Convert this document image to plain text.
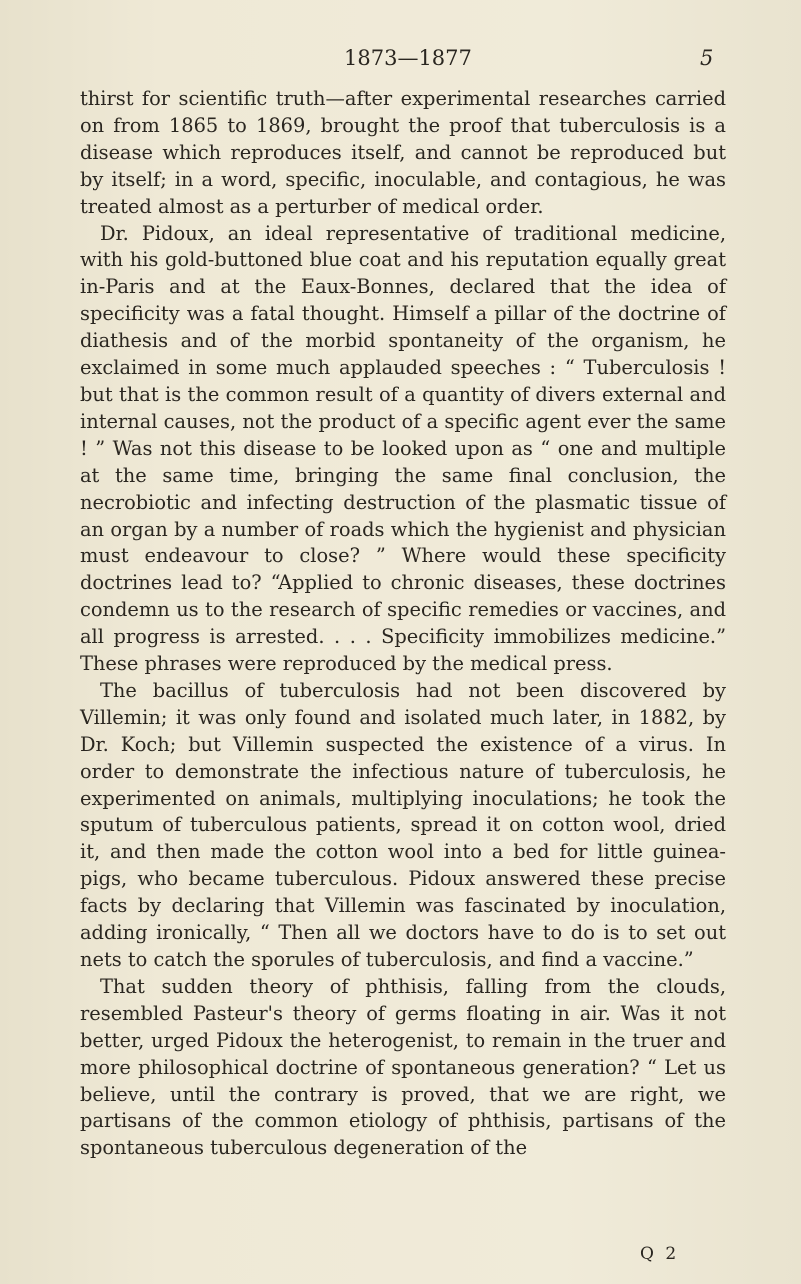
1873—1877	5

thirst for scientific truth—after experimental researches carried on from 1865 to 1869, brought the proof that tuberculosis is a disease which reproduces itself, and cannot be reproduced but by itself; in a word, specific, inoculable, and contagious, he was treated almost as a perturber of medical order.

Dr. Pidoux, an ideal representative of traditional medicine, with his gold-buttoned blue coat and his reputation equally great in-Paris and at the Eaux-Bonnes, declared that the idea of specificity was a fatal thought. Himself a pillar of the doctrine of diathesis and of the morbid spontaneity of the organism, he exclaimed in some much applauded speeches : “ Tuberculosis ! but that is the common result of a quantity of divers external and internal causes, not the product of a specific agent ever the same ! ” Was not this disease to be looked upon as “ one and multiple at the same time, bringing the same final conclusion, the necrobiotic and infecting destruction of the plasmatic tissue of an organ by a number of roads which the hygienist and physician must endeavour to close? ” Where would these specificity doctrines lead to? “Applied to chronic diseases, these doctrines condemn us to the research of specific remedies or vaccines, and all progress is arrested. . . . Specificity immobilizes medicine.” These phrases were reproduced by the medical press.

The bacillus of tuberculosis had not been discovered by Villemin; it was only found and isolated much later, in 1882, by Dr. Koch; but Villemin suspected the existence of a virus. In order to demonstrate the infectious nature of tuberculosis, he experimented on animals, multiplying inoculations; he took the sputum of tuberculous patients, spread it on cotton wool, dried it, and then made the cotton wool into a bed for little guinea-pigs, who became tuberculous. Pidoux answered these precise facts by declaring that Villemin was fascinated by inoculation, adding ironically, “ Then all we doctors have to do is to set out nets to catch the sporules of tuberculosis, and find a vaccine.”

That sudden theory of phthisis, falling from the clouds, resembled Pasteur's theory of germs floating in air. Was it not better, urged Pidoux the heterogenist, to remain in the truer and more philosophical doctrine of spontaneous generation? “ Let us believe, until the contrary is proved, that we are right, we partisans of the common etiology of phthisis, partisans of the spontaneous tuberculous degeneration of the

Q 2
